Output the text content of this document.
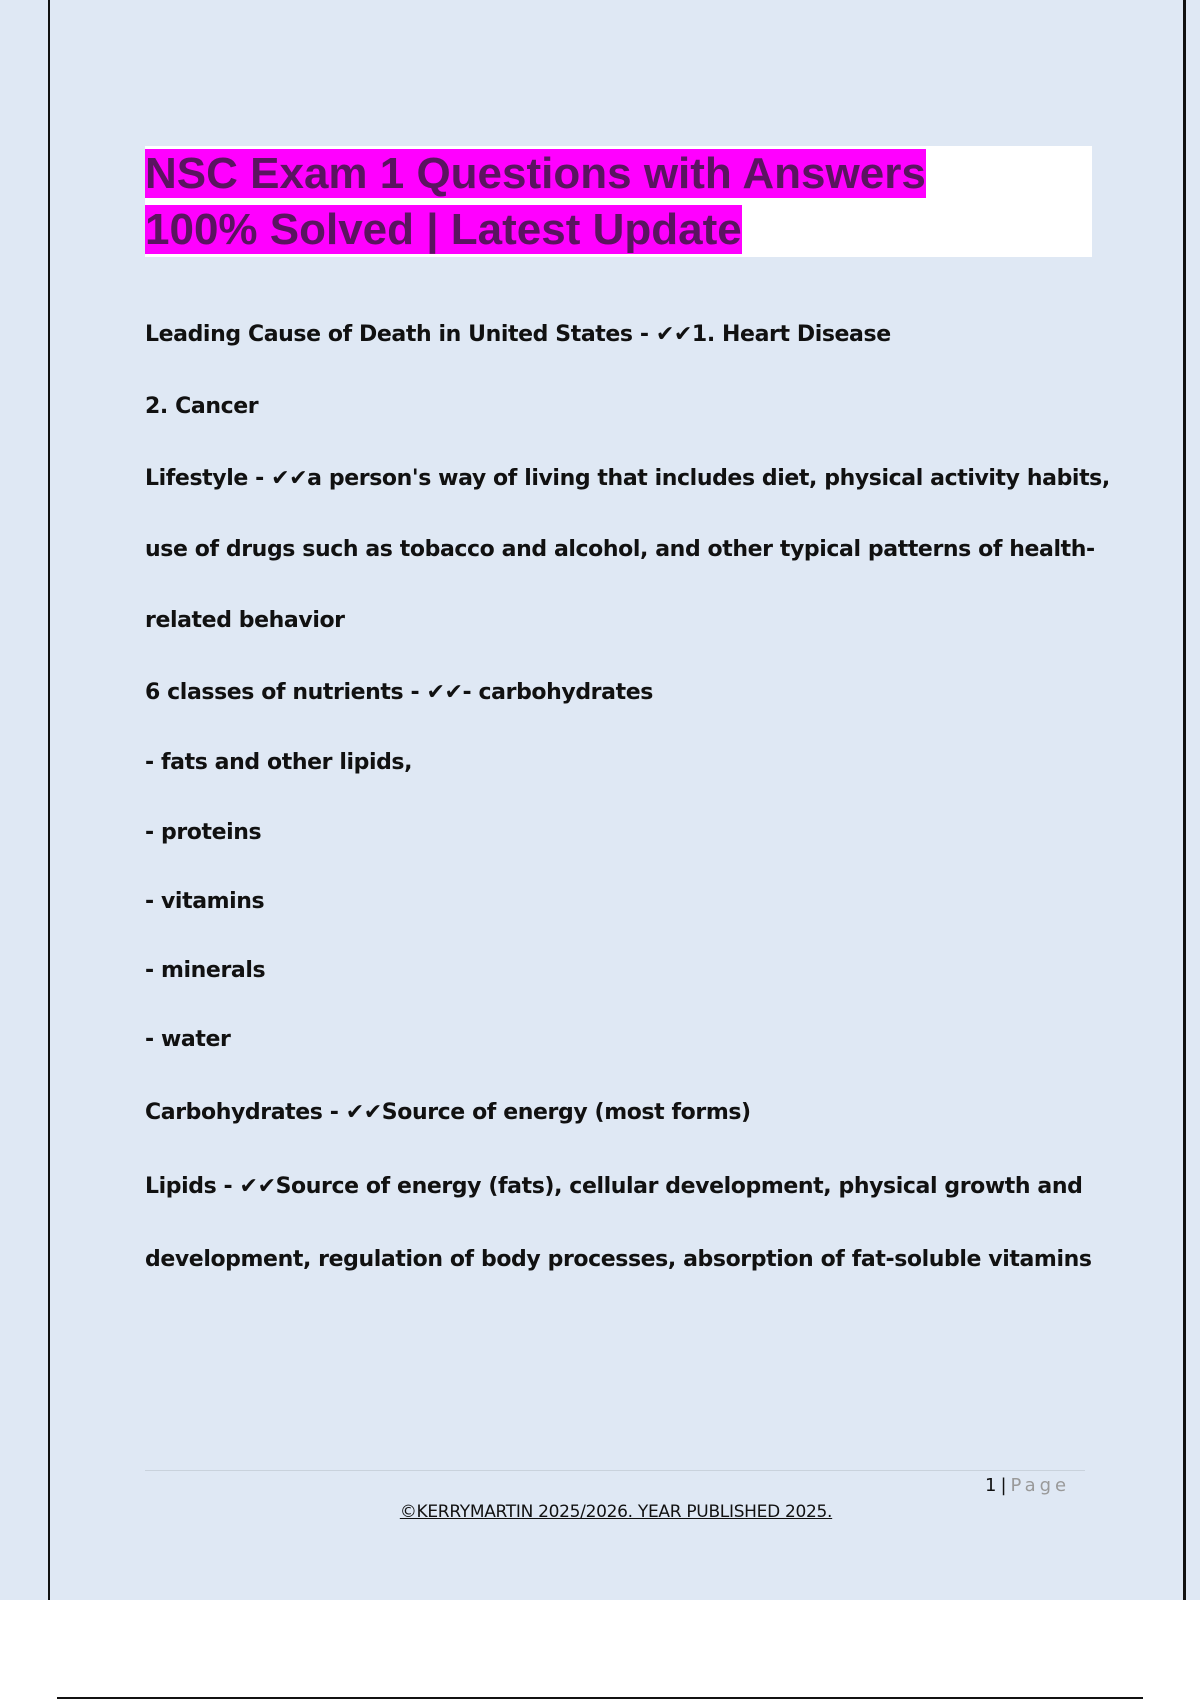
NSC Exam 1 Questions with Answers
100% Solved | Latest Update
Leading Cause of Death in United States - ✔✔1. Heart Disease
2. Cancer
Lifestyle - ✔✔a person's way of living that includes diet, physical activity habits,
use of drugs such as tobacco and alcohol, and other typical patterns of health-
related behavior
6 classes of nutrients - ✔✔- carbohydrates
- fats and other lipids,
- proteins
- vitamins
- minerals
- water
Carbohydrates - ✔✔Source of energy (most forms)
Lipids - ✔✔Source of energy (fats), cellular development, physical growth and
development, regulation of body processes, absorption of fat-soluble vitamins
1 | Page
©KERRYMARTIN 2025/2026. YEAR PUBLISHED 2025.
